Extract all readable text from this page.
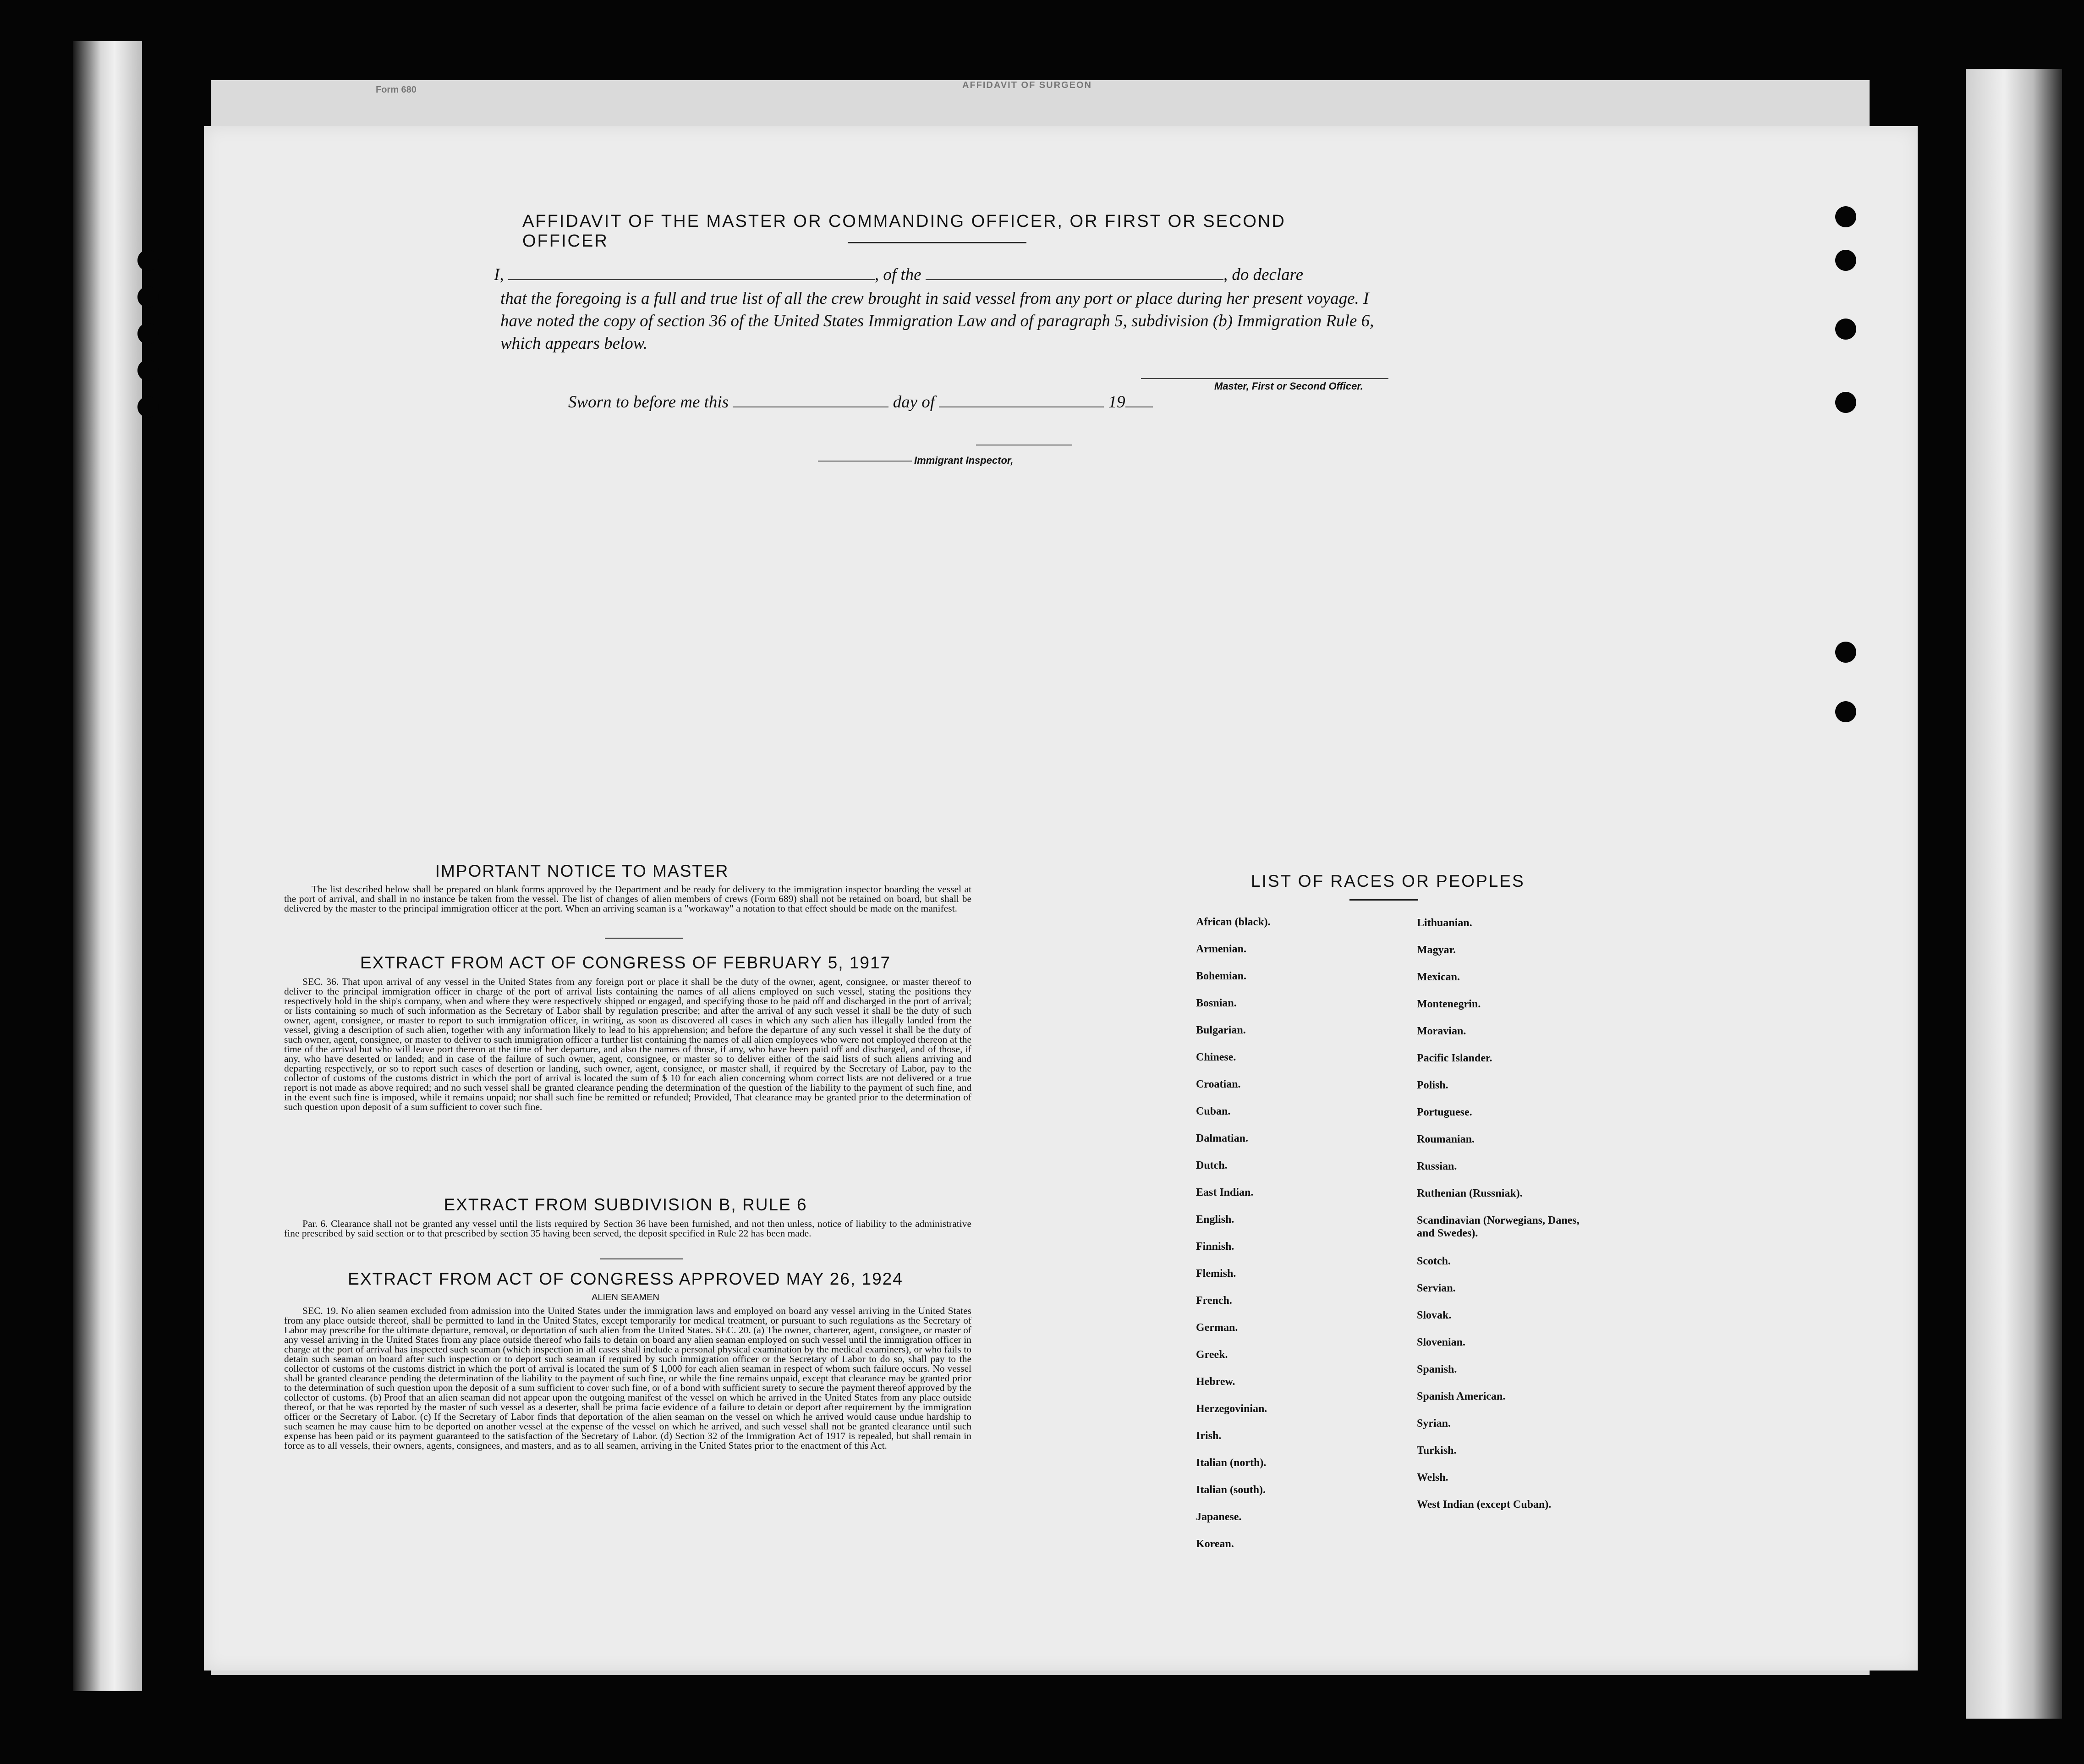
Form 680	AFFIDAVIT OF SURGEON
AFFIDAVIT OF THE MASTER OR COMMANDING OFFICER, OR FIRST OR SECOND OFFICER
I,	, of the	, do declare
that the foregoing is a full and true list of all the crew brought in said vessel from any port or place during her present voyage. I have noted the copy of section 36 of the United States Immigration Law and of paragraph 5, subdivision (b) Immigration Rule 6, which appears below.
Master, First or Second Officer.
Sworn to before me this	day of	19
Immigrant Inspector,
IMPORTANT NOTICE TO MASTER
The list described below shall be prepared on blank forms approved by the Department and be ready for delivery to the immigration inspector boarding the vessel at the port of arrival, and shall in no instance be taken from the vessel. The list of changes of alien members of crews (Form 689) shall not be retained on board, but shall be delivered by the master to the principal immigration officer at the port. When an arriving seaman is a "workaway" a notation to that effect should be made on the manifest.
EXTRACT FROM ACT OF CONGRESS OF FEBRUARY 5, 1917
SEC. 36. That upon arrival of any vessel in the United States from any foreign port or place it shall be the duty of the owner, agent, consignee, or master thereof to deliver to the principal immigration officer in charge of the port of arrival lists containing the names of all aliens employed on such vessel, stating the positions they respectively hold in the ship's company, when and where they were respectively shipped or engaged, and specifying those to be paid off and discharged in the port of arrival; or lists containing so much of such information as the Secretary of Labor shall by regulation prescribe; and after the arrival of any such vessel it shall be the duty of such owner, agent, consignee, or master to report to such immigration officer, in writing, as soon as discovered all cases in which any such alien has illegally landed from the vessel, giving a description of such alien, together with any information likely to lead to his apprehension; and before the departure of any such vessel it shall be the duty of such owner, agent, consignee, or master to deliver to such immigration officer a further list containing the names of all alien employees who were not employed thereon at the time of the arrival but who will leave port thereon at the time of her departure, and also the names of those, if any, who have been paid off and discharged, and of those, if any, who have deserted or landed; and in case of the failure of such owner, agent, consignee, or master so to deliver either of the said lists of such aliens arriving and departing respectively, or so to report such cases of desertion or landing, such owner, agent, consignee, or master shall, if required by the Secretary of Labor, pay to the collector of customs of the customs district in which the port of arrival is located the sum of $ 10 for each alien concerning whom correct lists are not delivered or a true report is not made as above required; and no such vessel shall be granted clearance pending the determination of the question of the liability to the payment of such fine, and in the event such fine is imposed, while it remains unpaid; nor shall such fine be remitted or refunded; Provided, That clearance may be granted prior to the determination of such question upon deposit of a sum sufficient to cover such fine.
EXTRACT FROM SUBDIVISION B, RULE 6
Par. 6. Clearance shall not be granted any vessel until the lists required by Section 36 have been furnished, and not then unless, notice of liability to the administrative fine prescribed by said section or to that prescribed by section 35 having been served, the deposit specified in Rule 22 has been made.
EXTRACT FROM ACT OF CONGRESS APPROVED MAY 26, 1924
ALIEN SEAMEN
SEC. 19. No alien seamen excluded from admission into the United States under the immigration laws and employed on board any vessel arriving in the United States from any place outside thereof, shall be permitted to land in the United States, except temporarily for medical treatment, or pursuant to such regulations as the Secretary of Labor may prescribe for the ultimate departure, removal, or deportation of such alien from the United States. SEC. 20. (a) The owner, charterer, agent, consignee, or master of any vessel arriving in the United States from any place outside thereof who fails to detain on board any alien seaman employed on such vessel until the immigration officer in charge at the port of arrival has inspected such seaman (which inspection in all cases shall include a personal physical examination by the medical examiners), or who fails to detain such seaman on board after such inspection or to deport such seaman if required by such immigration officer or the Secretary of Labor to do so, shall pay to the collector of customs of the customs district in which the port of arrival is located the sum of $ 1,000 for each alien seaman in respect of whom such failure occurs. No vessel shall be granted clearance pending the determination of the liability to the payment of such fine, or while the fine remains unpaid, except that clearance may be granted prior to the determination of such question upon the deposit of a sum sufficient to cover such fine, or of a bond with sufficient surety to secure the payment thereof approved by the collector of customs. (b) Proof that an alien seaman did not appear upon the outgoing manifest of the vessel on which he arrived in the United States from any place outside thereof, or that he was reported by the master of such vessel as a deserter, shall be prima facie evidence of a failure to detain or deport after requirement by the immigration officer or the Secretary of Labor. (c) If the Secretary of Labor finds that deportation of the alien seaman on the vessel on which he arrived would cause undue hardship to such seamen he may cause him to be deported on another vessel at the expense of the vessel on which he arrived, and such vessel shall not be granted clearance until such expense has been paid or its payment guaranteed to the satisfaction of the Secretary of Labor. (d) Section 32 of the Immigration Act of 1917 is repealed, but shall remain in force as to all vessels, their owners, agents, consignees, and masters, and as to all seamen, arriving in the United States prior to the enactment of this Act.
LIST OF RACES OR PEOPLES
African (black).
Armenian.
Bohemian.
Bosnian.
Bulgarian.
Chinese.
Croatian.
Cuban.
Dalmatian.
Dutch.
East Indian.
English.
Finnish.
Flemish.
French.
German.
Greek.
Hebrew.
Herzegovinian.
Irish.
Italian (north).
Italian (south).
Japanese.
Korean.
Lithuanian.
Magyar.
Mexican.
Montenegrin.
Moravian.
Pacific Islander.
Polish.
Portuguese.
Roumanian.
Russian.
Ruthenian (Russniak).
Scandinavian (Norwegians, Danes, and Swedes).
Scotch.
Servian.
Slovak.
Slovenian.
Spanish.
Spanish American.
Syrian.
Turkish.
Welsh.
West Indian (except Cuban).
